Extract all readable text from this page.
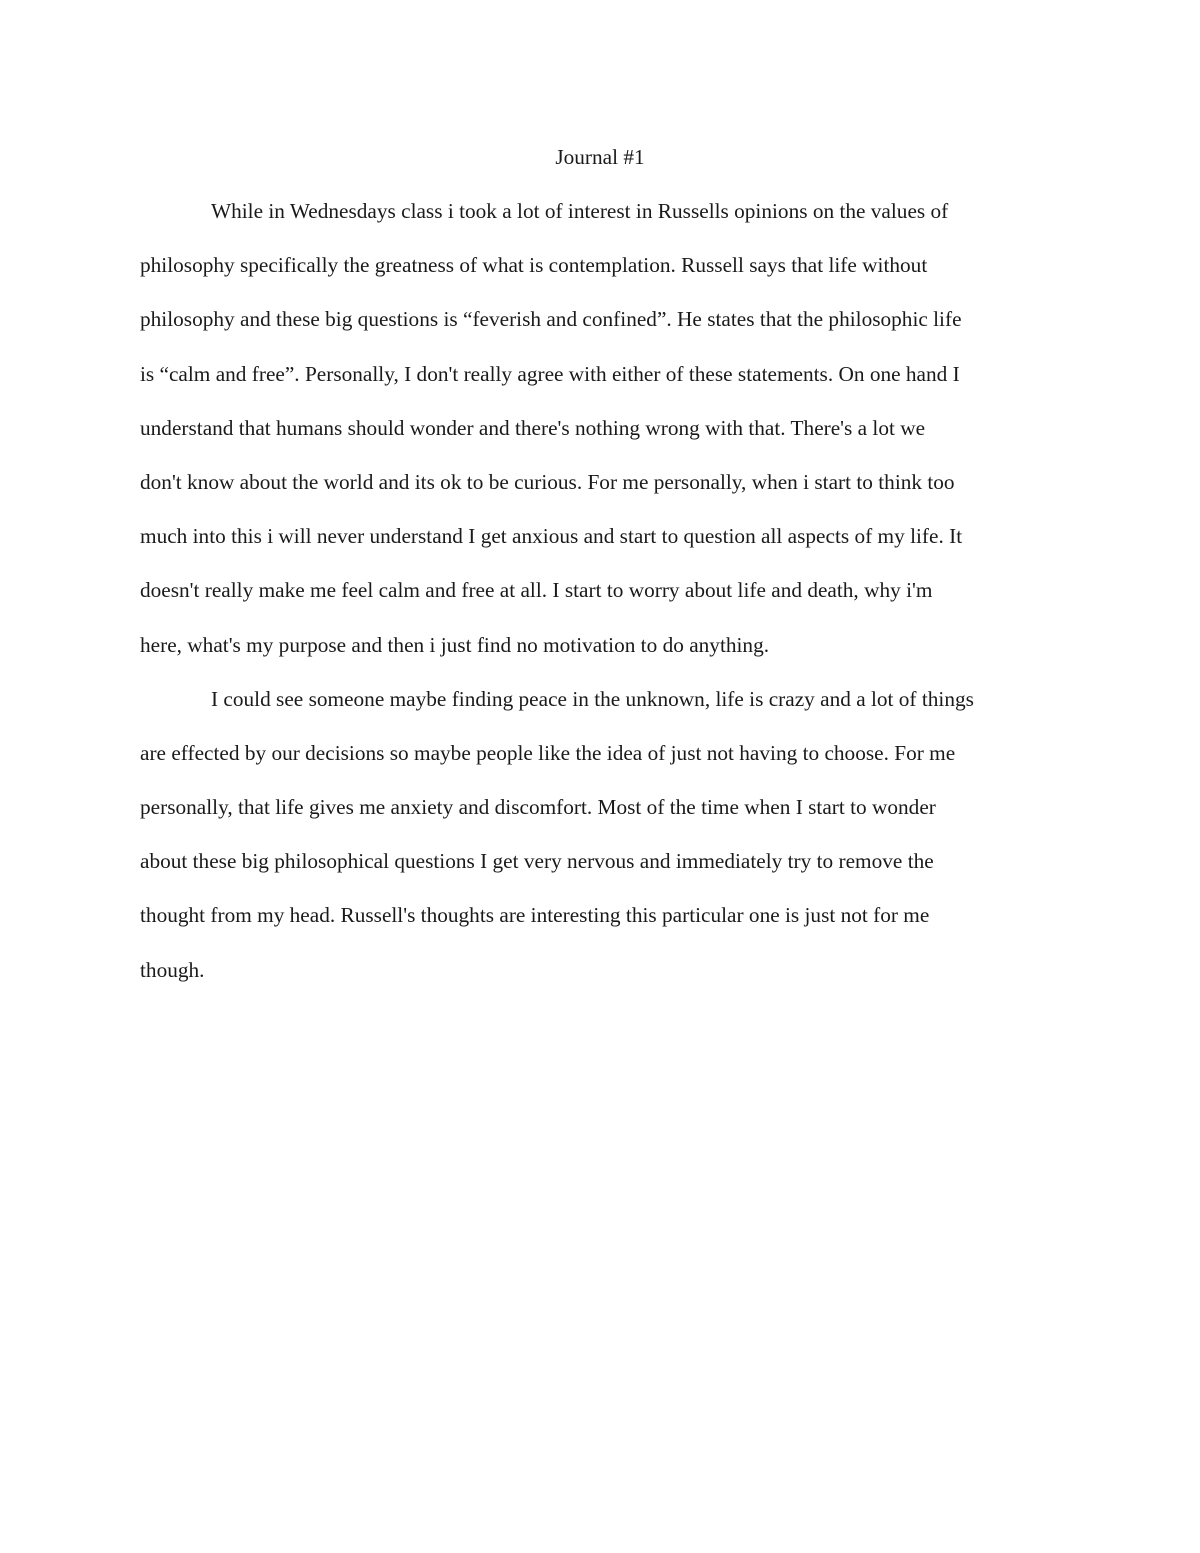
Journal #1
While in Wednesdays class i took a lot of interest in Russells opinions on the values of
philosophy specifically the greatness of what is contemplation. Russell says that life without
philosophy and these big questions is “feverish and confined”. He states that the philosophic life
is “calm and free”. Personally, I don't really agree with either of these statements. On one hand I
understand that humans should wonder and there's nothing wrong with that. There's a lot we
don't know about the world and its ok to be curious. For me personally, when i start to think too
much into this i will never understand I get anxious and start to question all aspects of my life. It
doesn't really make me feel calm and free at all. I start to worry about life and death, why i'm
here, what's my purpose and then i just find no motivation to do anything.
I could see someone maybe finding peace in the unknown, life is crazy and a lot of things
are effected by our decisions so maybe people like the idea of just not having to choose. For me
personally, that life gives me anxiety and discomfort. Most of the time when I start to wonder
about these big philosophical questions I get very nervous and immediately try to remove the
thought from my head. Russell's thoughts are interesting this particular one is just not for me
though.
